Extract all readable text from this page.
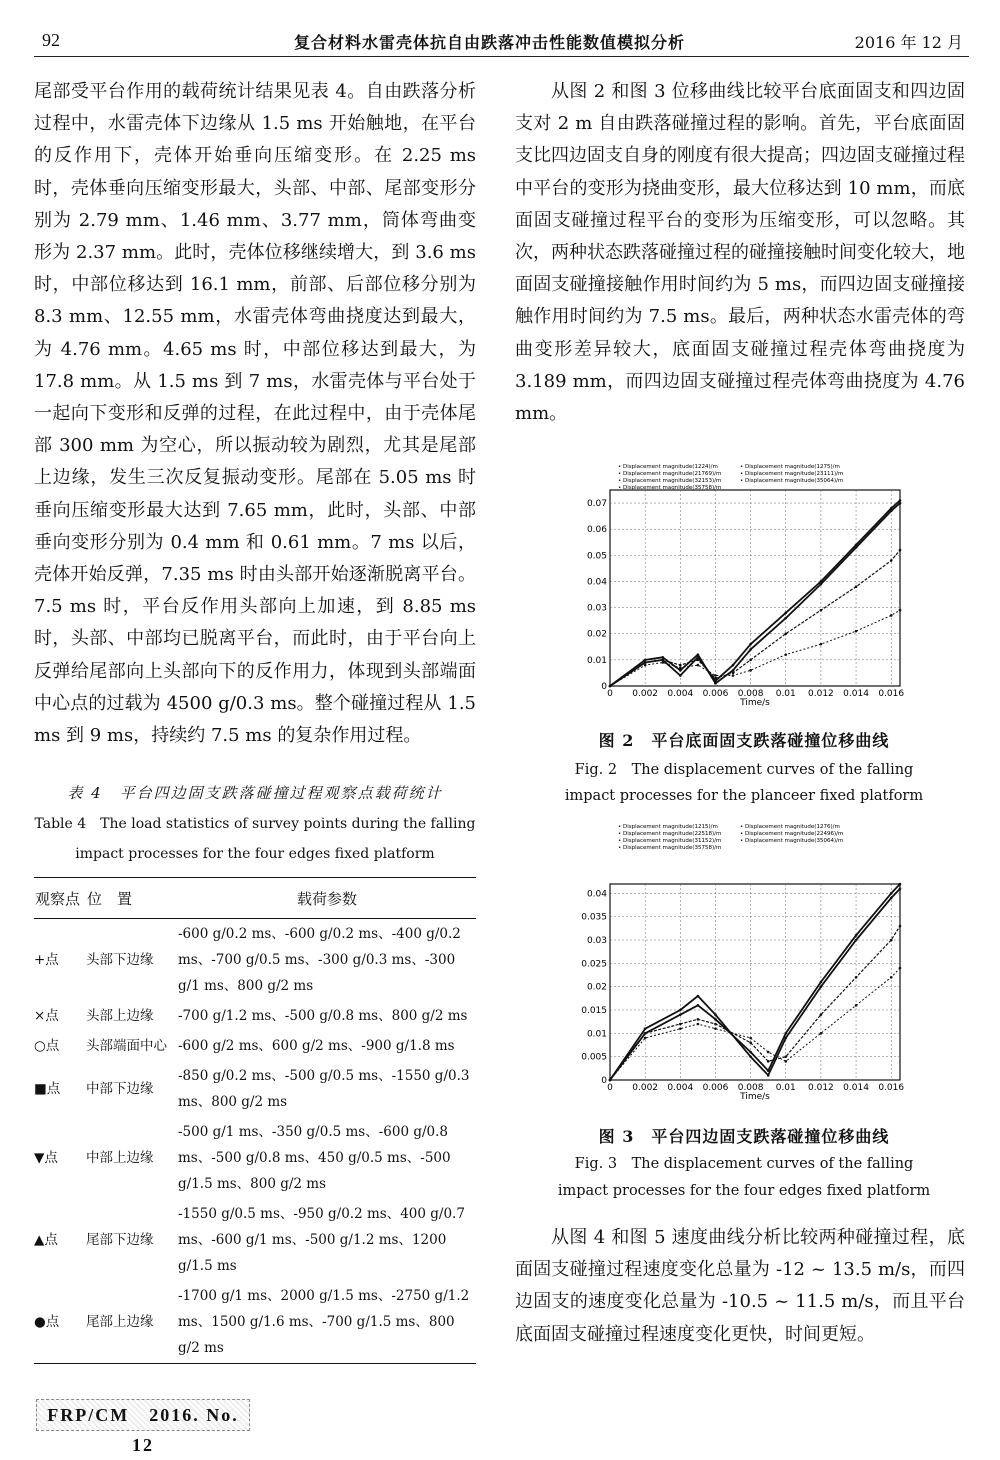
92	复合材料水雷壳体抗自由跌落冲击性能数值模拟分析	2016 年 12 月

尾部受平台作用的载荷统计结果见表 4。自由跌落分析过程中，水雷壳体下边缘从 1.5 ms 开始触地，在平台的反作用下，壳体开始垂向压缩变形。在 2.25 ms 时，壳体垂向压缩变形最大，头部、中部、尾部变形分别为 2.79 mm、1.46 mm、3.77 mm，筒体弯曲变形为 2.37 mm。此时，壳体位移继续增大，到 3.6 ms 时，中部位移达到 16.1 mm，前部、后部位移分别为 8.3 mm、12.55 mm，水雷壳体弯曲挠度达到最大，为 4.76 mm。4.65 ms 时，中部位移达到最大，为 17.8 mm。从 1.5 ms 到 7 ms，水雷壳体与平台处于一起向下变形和反弹的过程，在此过程中，由于壳体尾部 300 mm 为空心，所以振动较为剧烈，尤其是尾部上边缘，发生三次反复振动变形。尾部在 5.05 ms 时垂向压缩变形最大达到 7.65 mm，此时，头部、中部垂向变形分别为 0.4 mm 和 0.61 mm。7 ms 以后，壳体开始反弹，7.35 ms 时由头部开始逐渐脱离平台。7.5 ms 时，平台反作用头部向上加速，到 8.85 ms 时，头部、中部均已脱离平台，而此时，由于平台向上反弹给尾部向上头部向下的反作用力，体现到头部端面中心点的过载为 4500 g/0.3 ms。整个碰撞过程从 1.5 ms 到 9 ms，持续约 7.5 ms 的复杂作用过程。

表 4　平台四边固支跌落碰撞过程观察点载荷统计
Table 4　The load statistics of survey points during the falling
impact processes for the four edges fixed platform
观察点	位　置	载荷参数
+点	头部下边缘	-600 g/0.2 ms、-600 g/0.2 ms、-400 g/0.2 ms、-700 g/0.5 ms、-300 g/0.3 ms、-300 g/1 ms、800 g/2 ms
×点	头部上边缘	-700 g/1.2 ms、-500 g/0.8 ms、800 g/2 ms
○点	头部端面中心	-600 g/2 ms、600 g/2 ms、-900 g/1.8 ms
■点	中部下边缘	-850 g/0.2 ms、-500 g/0.5 ms、-1550 g/0.3 ms、800 g/2 ms
▼点	中部上边缘	-500 g/1 ms、-350 g/0.5 ms、-600 g/0.8 ms、-500 g/0.8 ms、450 g/0.5 ms、-500 g/1.5 ms、800 g/2 ms
▲点	尾部下边缘	-1550 g/0.5 ms、-950 g/0.2 ms、400 g/0.7 ms、-600 g/1 ms、-500 g/1.2 ms、1200 g/1.5 ms
●点	尾部上边缘	-1700 g/1 ms、2000 g/1.5 ms、-2750 g/1.2 ms、1500 g/1.6 ms、-700 g/1.5 ms、800 g/2 ms

从图 2 和图 3 位移曲线比较平台底面固支和四边固支对 2 m 自由跌落碰撞过程的影响。首先，平台底面固支比四边固支自身的刚度有很大提高；四边固支碰撞过程中平台的变形为挠曲变形，最大位移达到 10 mm，而底面固支碰撞过程平台的变形为压缩变形，可以忽略。其次，两种状态跌落碰撞过程的碰撞接触时间变化较大，地面固支碰撞接触作用时间约为 5 ms，而四边固支碰撞接触作用时间约为 7.5 ms。最后，两种状态水雷壳体的弯曲变形差异较大，底面固支碰撞过程壳体弯曲挠度为 3.189 mm，而四边固支碰撞过程壳体弯曲挠度为 4.76 mm。

• Displacement magnitude(1224)/m	• Displacement magnitude(1275)/m
• Displacement magnitude(21769)/m	• Displacement magnitude(23111)/m
• Displacement magnitude(32153)/m	• Displacement magnitude(35064)/m
• Displacement magnitude(35758)/m
0 0.002 0.004 0.006 0.008 0.01 0.012 0.014 0.016
0
0.01
0.02
0.03
0.04
0.05
0.06
0.07
Time/s
图 2　平台底面固支跌落碰撞位移曲线
Fig. 2　The displacement curves of the falling
impact processes for the planceer fixed platform
• Displacement magnitude(1215)/m	• Displacement magnitude(1276)/m
• Displacement magnitude(22518)/m	• Displacement magnitude(22496)/m
• Displacement magnitude(31152)/m	• Displacement magnitude(35064)/m
• Displacement magnitude(35758)/m
0 0.002 0.004 0.006 0.008 0.01 0.012 0.014 0.016
0
0.005
0.01
0.015
0.02
0.025
0.03
0.035
0.04
Time/s
图 3　平台四边固支跌落碰撞位移曲线
Fig. 3　The displacement curves of the falling
impact processes for the four edges fixed platform

从图 4 和图 5 速度曲线分析比较两种碰撞过程，底面固支碰撞过程速度变化总量为 -12 ~ 13.5 m/s，而四边固支的速度变化总量为 -10.5 ~ 11.5 m/s，而且平台底面固支碰撞过程速度变化更快，时间更短。

FRP/CM　2016. No. 12
